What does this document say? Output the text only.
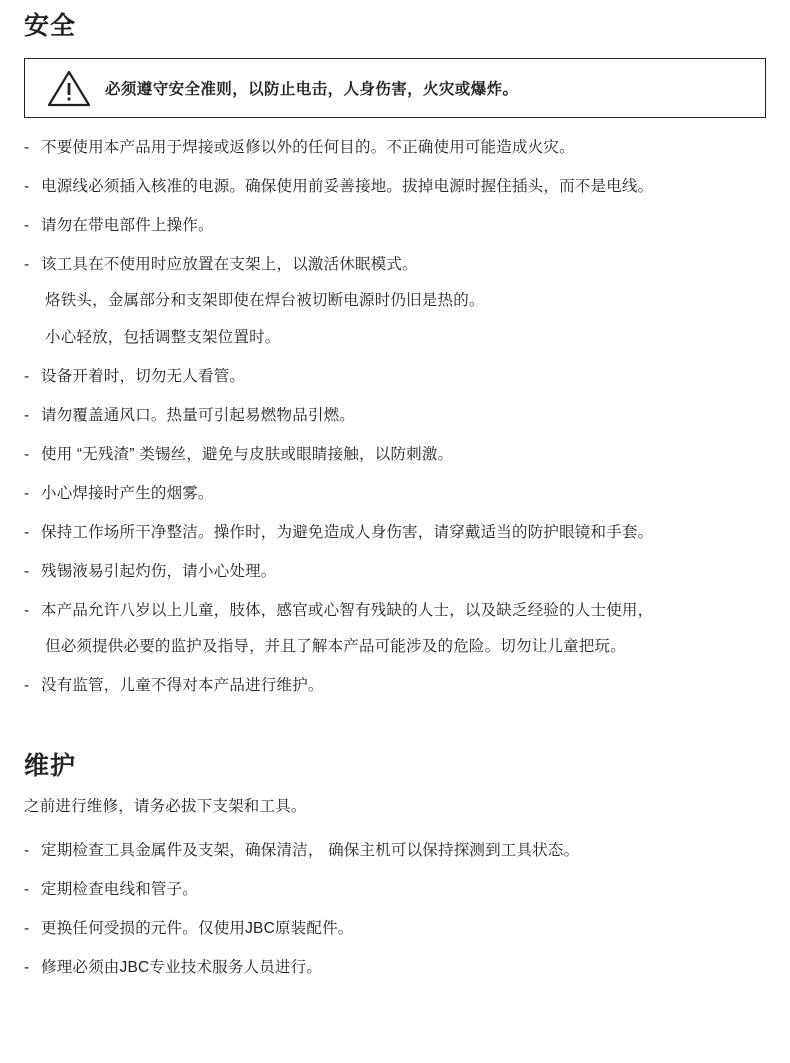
安全
必须遵守安全准则，以防止电击，人身伤害，火灾或爆炸。
- 不要使用本产品用于焊接或返修以外的任何目的。不正确使用可能造成火灾。
- 电源线必须插入核准的电源。确保使用前妥善接地。拔掉电源时握住插头，而不是电线。
- 请勿在带电部件上操作。
- 该工具在不使用时应放置在支架上，以激活休眠模式。
烙铁头，金属部分和支架即使在焊台被切断电源时仍旧是热的。
小心轻放，包括调整支架位置时。
- 设备开着时，切勿无人看管。
- 请勿覆盖通风口。热量可引起易燃物品引燃。
- 使用 “无残渣” 类锡丝，避免与皮肤或眼睛接触，以防刺激。
- 小心焊接时产生的烟雾。
- 保持工作场所干净整洁。操作时，为避免造成人身伤害，请穿戴适当的防护眼镜和手套。
- 残锡液易引起灼伤，请小心处理。
- 本产品允许八岁以上儿童，肢体，感官或心智有残缺的人士，以及缺乏经验的人士使用，
但必须提供必要的监护及指导，并且了解本产品可能涉及的危险。切勿让儿童把玩。
- 没有监管，儿童不得对本产品进行维护。
维护
之前进行维修，请务必拔下支架和工具。
- 定期检查工具金属件及支架，确保清洁， 确保主机可以保持探测到工具状态。
- 定期检查电线和管子。
- 更换任何受损的元件。仅使用JBC原装配件。
- 修理必须由JBC专业技术服务人员进行。
